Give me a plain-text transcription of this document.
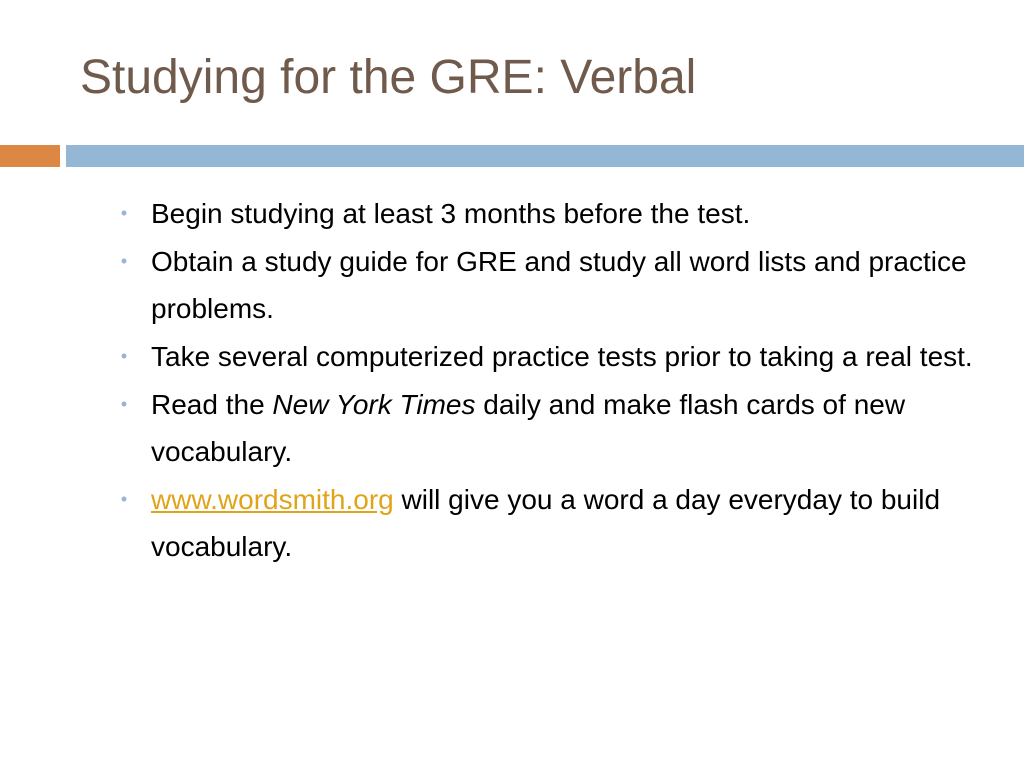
Studying for the GRE: Verbal
• Begin studying at least 3 months before the test.
• Obtain a study guide for GRE and study all word lists and practice problems.
• Take several computerized practice tests prior to taking a real test.
• Read the New York Times daily and make flash cards of new vocabulary.
• www.wordsmith.org will give you a word a day everyday to build vocabulary.
